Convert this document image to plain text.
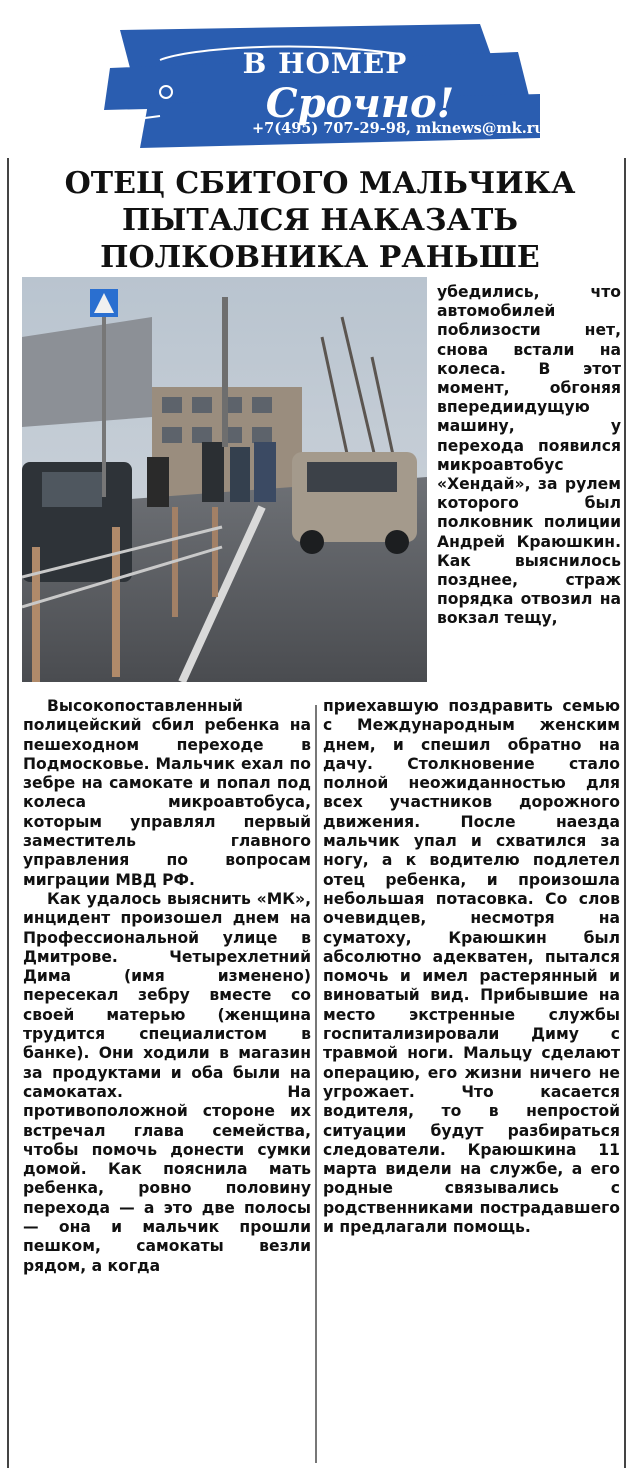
В НОМЕР
Срочно!
+7(495) 707-29-98, mknews@mk.ru
ОТЕЦ СБИТОГО МАЛЬЧИКА ПЫТАЛСЯ НАКАЗАТЬ ПОЛКОВНИКА РАНЬШЕ

убедились, что автомобилей поблизости нет, снова встали на колеса. В этот момент, обгоняя впередиидущую машину, у перехода появился микроавтобус «Хендай», за рулем которого был полковник полиции Андрей Краюшкин. Как выяснилось позднее, страж порядка отвозил на вокзал тещу,

Высокопоставленный полицейский сбил ребенка на пешеходном переходе в Подмосковье. Мальчик ехал по зебре на самокате и попал под колеса микроавтобуса, которым управлял первый заместитель главного управления по вопросам миграции МВД РФ.

Как удалось выяснить «МК», инцидент произошел днем на Профессиональной улице в Дмитрове. Четырехлетний Дима (имя изменено) пересекал зебру вместе со своей матерью (женщина трудится специалистом в банке). Они ходили в магазин за продуктами и оба были на самокатах. На противоположной стороне их встречал глава семейства, чтобы помочь донести сумки домой. Как пояснила мать ребенка, ровно половину перехода — а это две полосы — она и мальчик прошли пешком, самокаты везли рядом, а когда

приехавшую поздравить семью с Международным женским днем, и спешил обратно на дачу. Столкновение стало полной неожиданностью для всех участников дорожного движения. После наезда мальчик упал и схватился за ногу, а к водителю подлетел отец ребенка, и произошла небольшая потасовка. Со слов очевидцев, несмотря на суматоху, Краюшкин был абсолютно адекватен, пытался помочь и имел растерянный и виноватый вид. Прибывшие на место экстренные службы госпитализировали Диму с травмой ноги. Мальцу сделают операцию, его жизни ничего не угрожает. Что касается водителя, то в непростой ситуации будут разбираться следователи. Краюшкина 11 марта видели на службе, а его родные связывались с родственниками пострадавшего и предлагали помощь.
